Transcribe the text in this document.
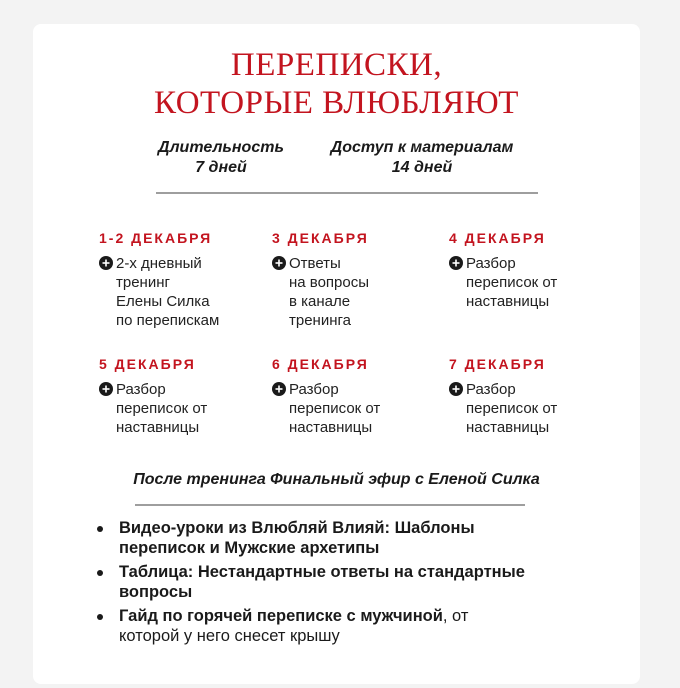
ПЕРЕПИСКИ,
КОТОРЫЕ ВЛЮБЛЯЮТ
Длительность
7 дней
Доступ к материалам
14 дней
1-2 ДЕКАБРЯ
2-х дневный
тренинг
Елены Силка
по перепискам
3 ДЕКАБРЯ
Ответы
на вопросы
в канале
тренинга
4 ДЕКАБРЯ
Разбор
переписок от
наставницы
5 ДЕКАБРЯ
Разбор
переписок от
наставницы
6 ДЕКАБРЯ
Разбор
переписок от
наставницы
7 ДЕКАБРЯ
Разбор
переписок от
наставницы
После тренинга Финальный эфир с Еленой Силка
Видео-уроки из Влюбляй Влияй: Шаблоны
переписок и Мужские архетипы
Таблица: Нестандартные ответы на стандартные
вопросы
Гайд по горячей переписке с мужчиной, от
которой у него снесет крышу
